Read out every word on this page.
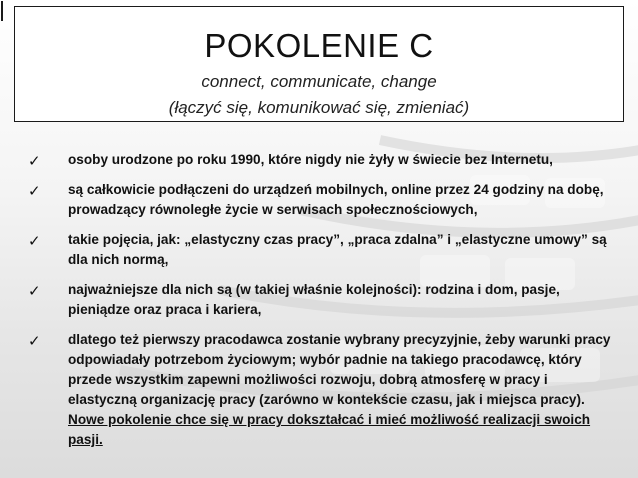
POKOLENIE C
connect, communicate, change
(łączyć się, komunikować się, zmieniać)
✓ osoby urodzone po roku 1990, które nigdy nie żyły w świecie bez Internetu,
✓ są całkowicie podłączeni do urządzeń mobilnych, online przez 24 godziny na dobę, prowadzący równoległe życie w serwisach społecznościowych,
✓ takie pojęcia, jak: „elastyczny czas pracy”, „praca zdalna” i „elastyczne umowy” są dla nich normą,
✓ najważniejsze dla nich są (w takiej właśnie kolejności): rodzina i dom, pasje, pieniądze oraz praca i kariera,
✓ dlatego też pierwszy pracodawca zostanie wybrany precyzyjnie, żeby warunki pracy odpowiadały potrzebom życiowym; wybór padnie na takiego pracodawcę, który przede wszystkim zapewni możliwości rozwoju, dobrą atmosferę w pracy i elastyczną organizację pracy (zarówno w kontekście czasu, jak i miejsca pracy). Nowe pokolenie chce się w pracy dokształcać i mieć możliwość realizacji swoich pasji.
